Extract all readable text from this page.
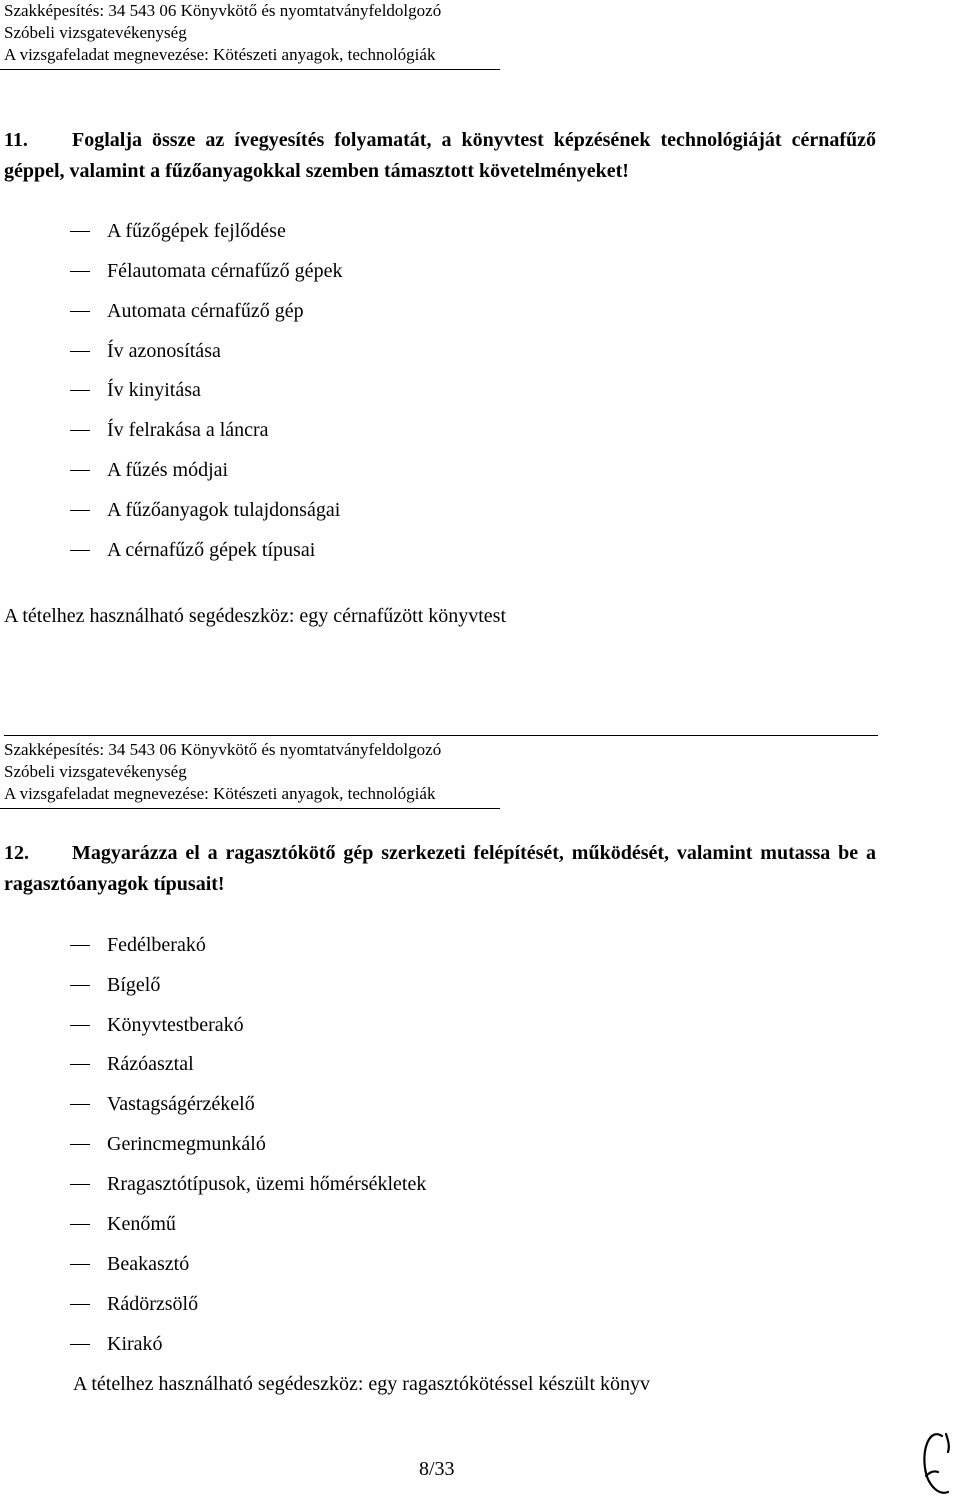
Szakképesítés: 34 543 06 Könyvkötő és nyomtatványfeldolgozó
Szóbeli vizsgatevékenység
A vizsgafeladat megnevezése: Kötészeti anyagok, technológiák
11. Foglalja össze az ívegyesítés folyamatát, a könyvtest képzésének technológiáját cérnafűző géppel, valamint a fűzőanyagokkal szemben támasztott követelményeket!
A fűzőgépek fejlődése
Félautomata cérnafűző gépek
Automata cérnafűző gép
Ív azonosítása
Ív kinyitása
Ív felrakása a láncra
A fűzés módjai
A fűzőanyagok tulajdonságai
A cérnafűző gépek típusai
A tételhez használható segédeszköz: egy cérnafűzött könyvtest
Szakképesítés: 34 543 06 Könyvkötő és nyomtatványfeldolgozó
Szóbeli vizsgatevékenység
A vizsgafeladat megnevezése: Kötészeti anyagok, technológiák
12. Magyarázza el a ragasztókötő gép szerkezeti felépítését, működését, valamint mutassa be a ragasztóanyagok típusait!
Fedélberakó
Bígelő
Könyvtestberakó
Rázóasztal
Vastagságérzékelő
Gerincmegmunkáló
Rragasztótípusok, üzemi hőmérsékletek
Kenőmű
Beakasztó
Rádörzsölő
Kirakó
A tételhez használható segédeszköz: egy ragasztókötéssel készült könyv
8/33
